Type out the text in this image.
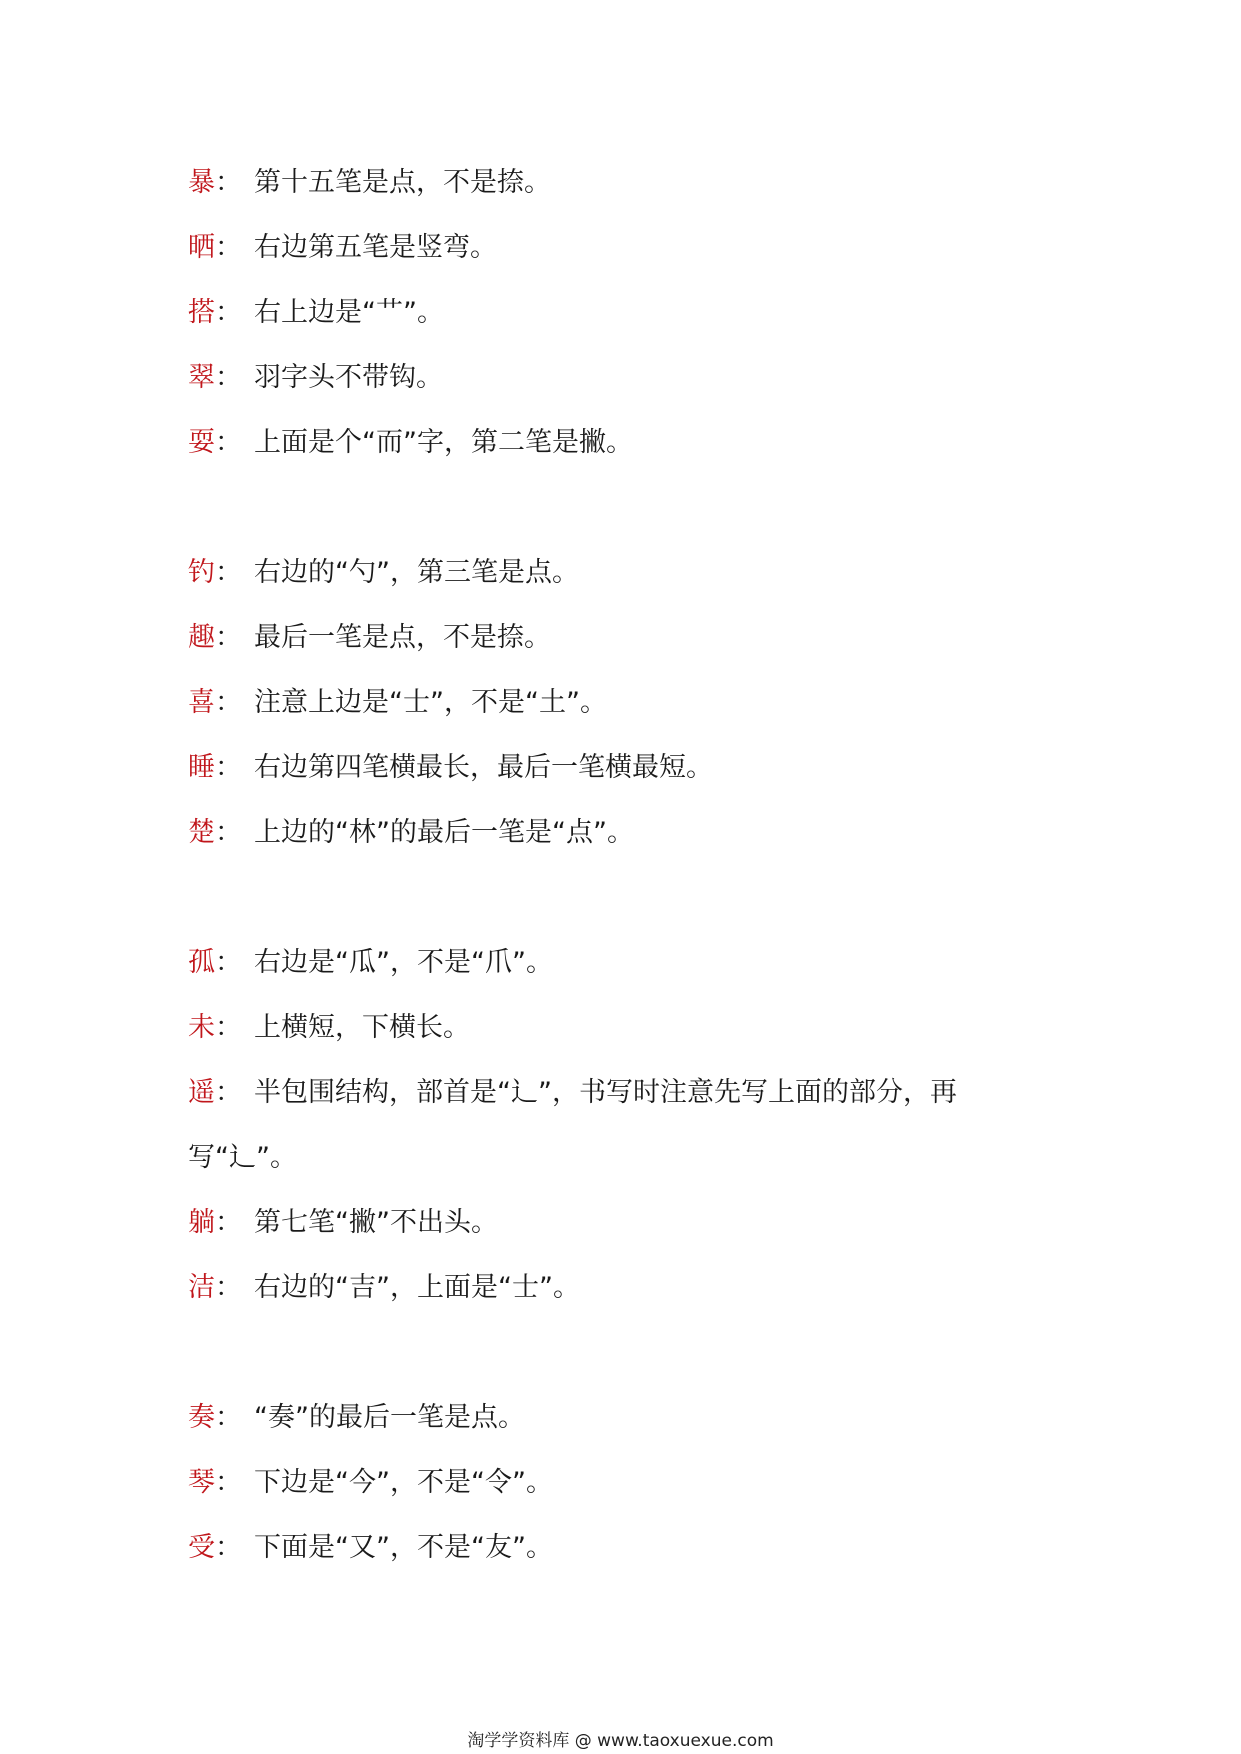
暴： 第十五笔是点，不是捺。

晒： 右边第五笔是竖弯。

搭： 右上边是“艹”。

翠： 羽字头不带钩。

耍： 上面是个“而”字，第二笔是撇。

钓： 右边的“勺”，第三笔是点。

趣： 最后一笔是点，不是捺。

喜： 注意上边是“士”，不是“土”。

睡： 右边第四笔横最长，最后一笔横最短。

楚： 上边的“林”的最后一笔是“点”。

孤： 右边是“瓜”，不是“爪”。

未： 上横短，下横长。

遥： 半包围结构，部首是“辶”，书写时注意先写上面的部分，再写“辶”。

躺： 第七笔“撇”不出头。

洁： 右边的“吉”，上面是“士”。

奏： “奏”的最后一笔是点。

琴： 下边是“今”，不是“令”。

受： 下面是“又”，不是“友”。

淘学学资料库 @ www.taoxuexue.com
